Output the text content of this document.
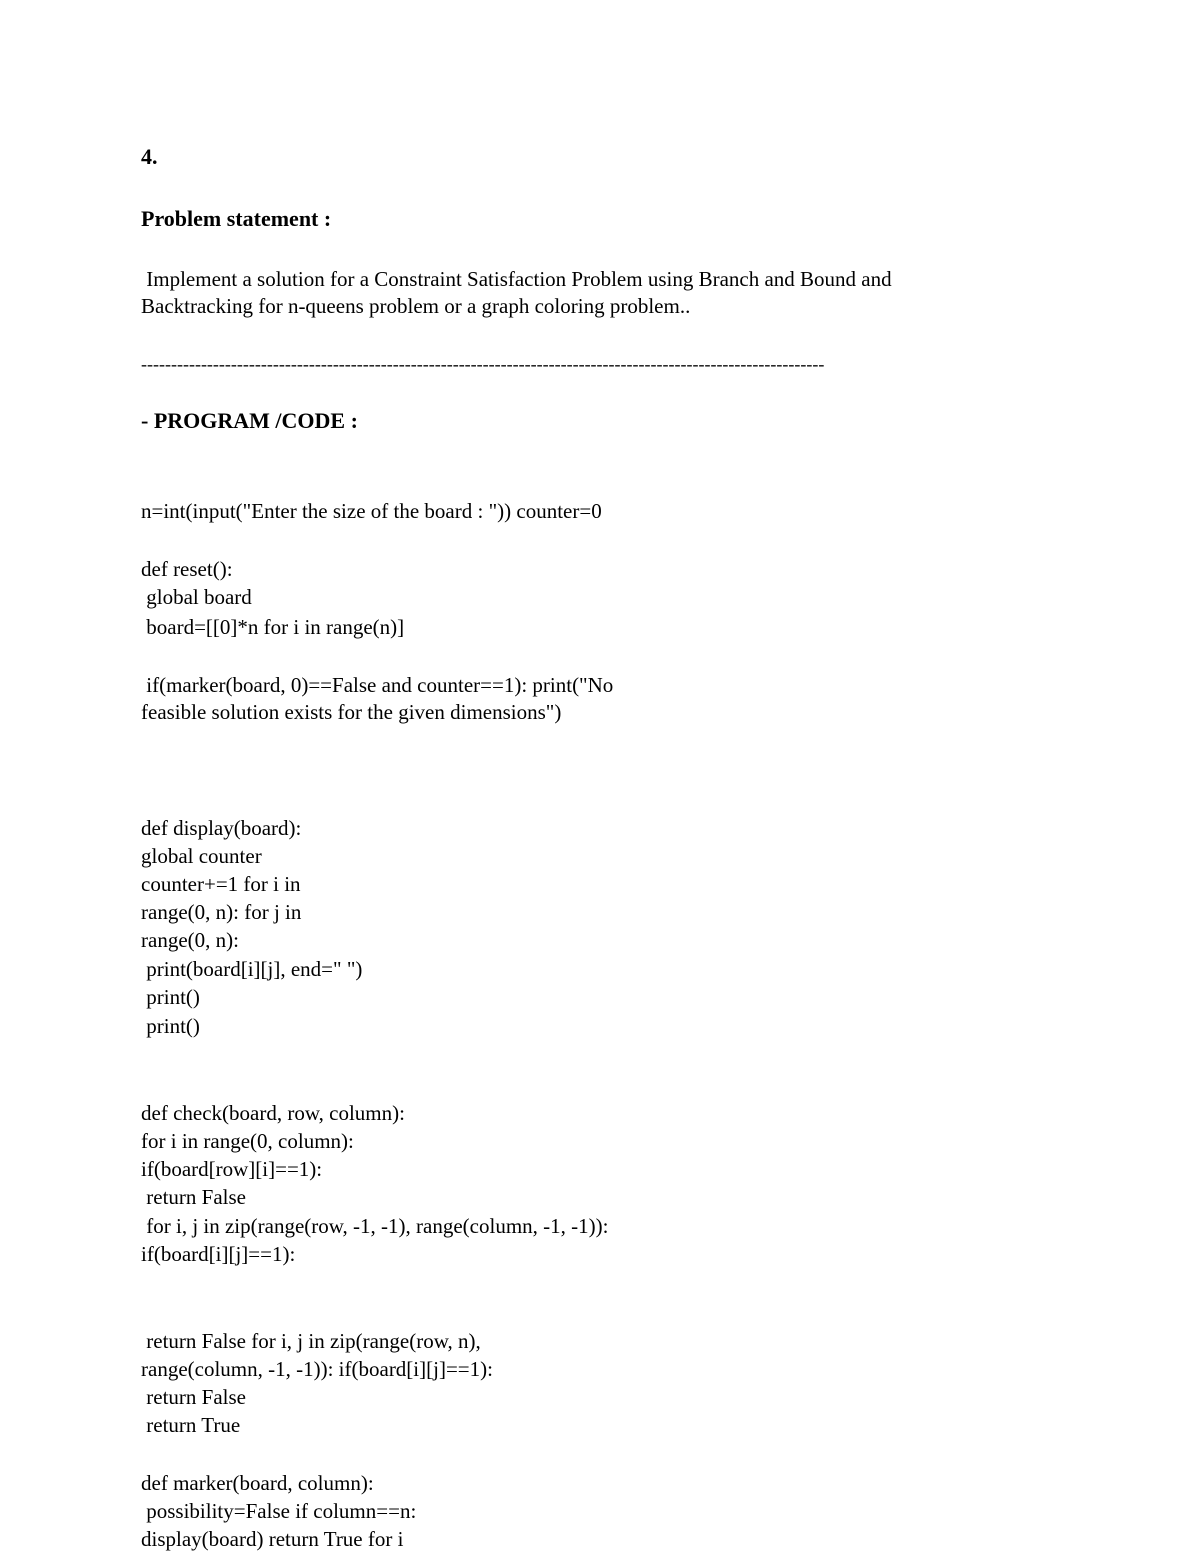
4.
Problem statement :
Implement a solution for a Constraint Satisfaction Problem using Branch and Bound and
Backtracking for n-queens problem or a graph coloring problem..
------------------------------------------------------------------------------------------------------------------
- PROGRAM /CODE :
n=int(input("Enter the size of the board : ")) counter=0
def reset():
global board
board=[[0]*n for i in range(n)]
if(marker(board, 0)==False and counter==1): print("No
feasible solution exists for the given dimensions")
def display(board):
global counter
counter+=1 for i in
range(0, n): for j in
range(0, n):
print(board[i][j], end=" ")
print()
print()
def check(board, row, column):
for i in range(0, column):
if(board[row][i]==1):
return False
for i, j in zip(range(row, -1, -1), range(column, -1, -1)):
if(board[i][j]==1):
return False for i, j in zip(range(row, n),
range(column, -1, -1)): if(board[i][j]==1):
return False
return True
def marker(board, column):
possibility=False if column==n:
display(board) return True for i
